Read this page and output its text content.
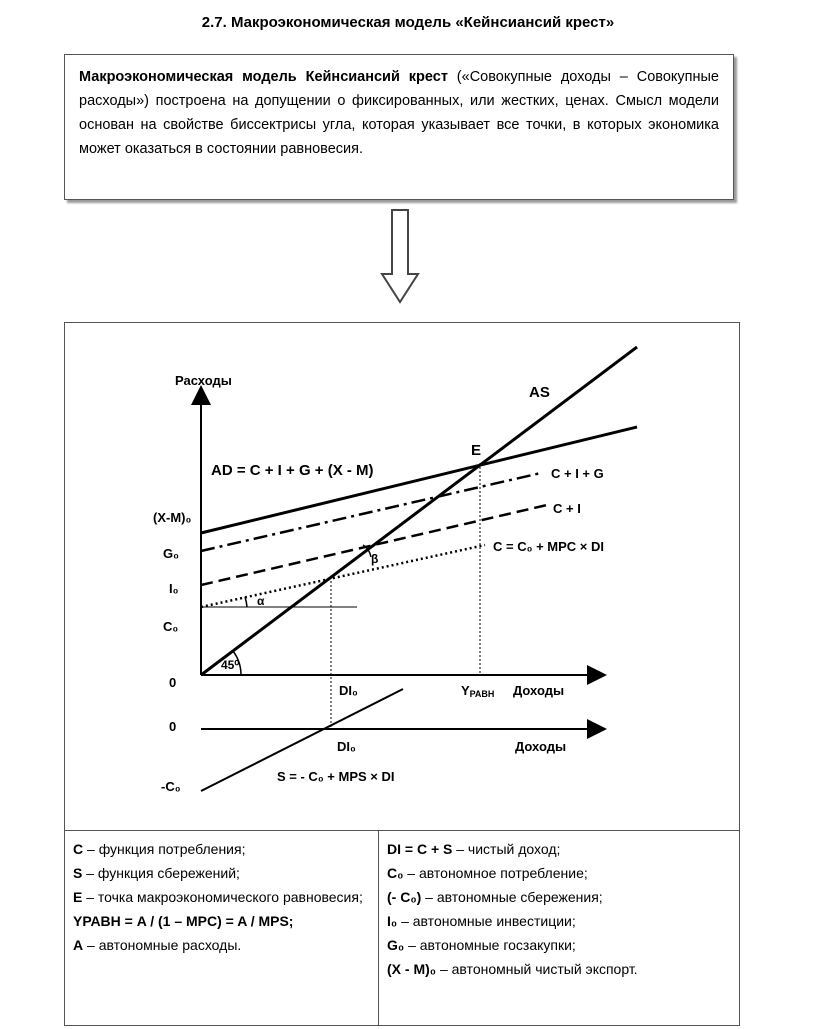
2.7. Макроэкономическая модель «Кейнсиансий крест»
Макроэкономическая модель Кейнсиансий крест («Совокупные доходы – Совокупные расходы») построена на допущении о фиксированных, или жестких, ценах. Смысл модели основан на свойстве биссектрисы угла, которая указывает все точки, в которых экономика может оказаться в состоянии равновесия.
Расходы
Доходы
Доходы
AS
E
AD = C + I + G + (X - M)	C + I + G
C + I
C = C₀ + MPC × DI
S = - C₀ + MPS × DI
(X-M)₀
G₀
I₀
C₀
0
0
-C₀
DI₀
DI₀
YРАВН
45⁰
α
β
C – функция потребления;
S – функция сбережений;
E – точка макроэкономического равновесия;
YРАВН = A / (1 – MPC) = A / MPS;
A – автономные расходы.
DI = C + S – чистый доход;
C₀ – автономное потребление;
(- C₀) – автономные сбережения;
I₀ – автономные инвестиции;
G₀ – автономные госзакупки;
(X - M)₀ – автономный чистый экспорт.
